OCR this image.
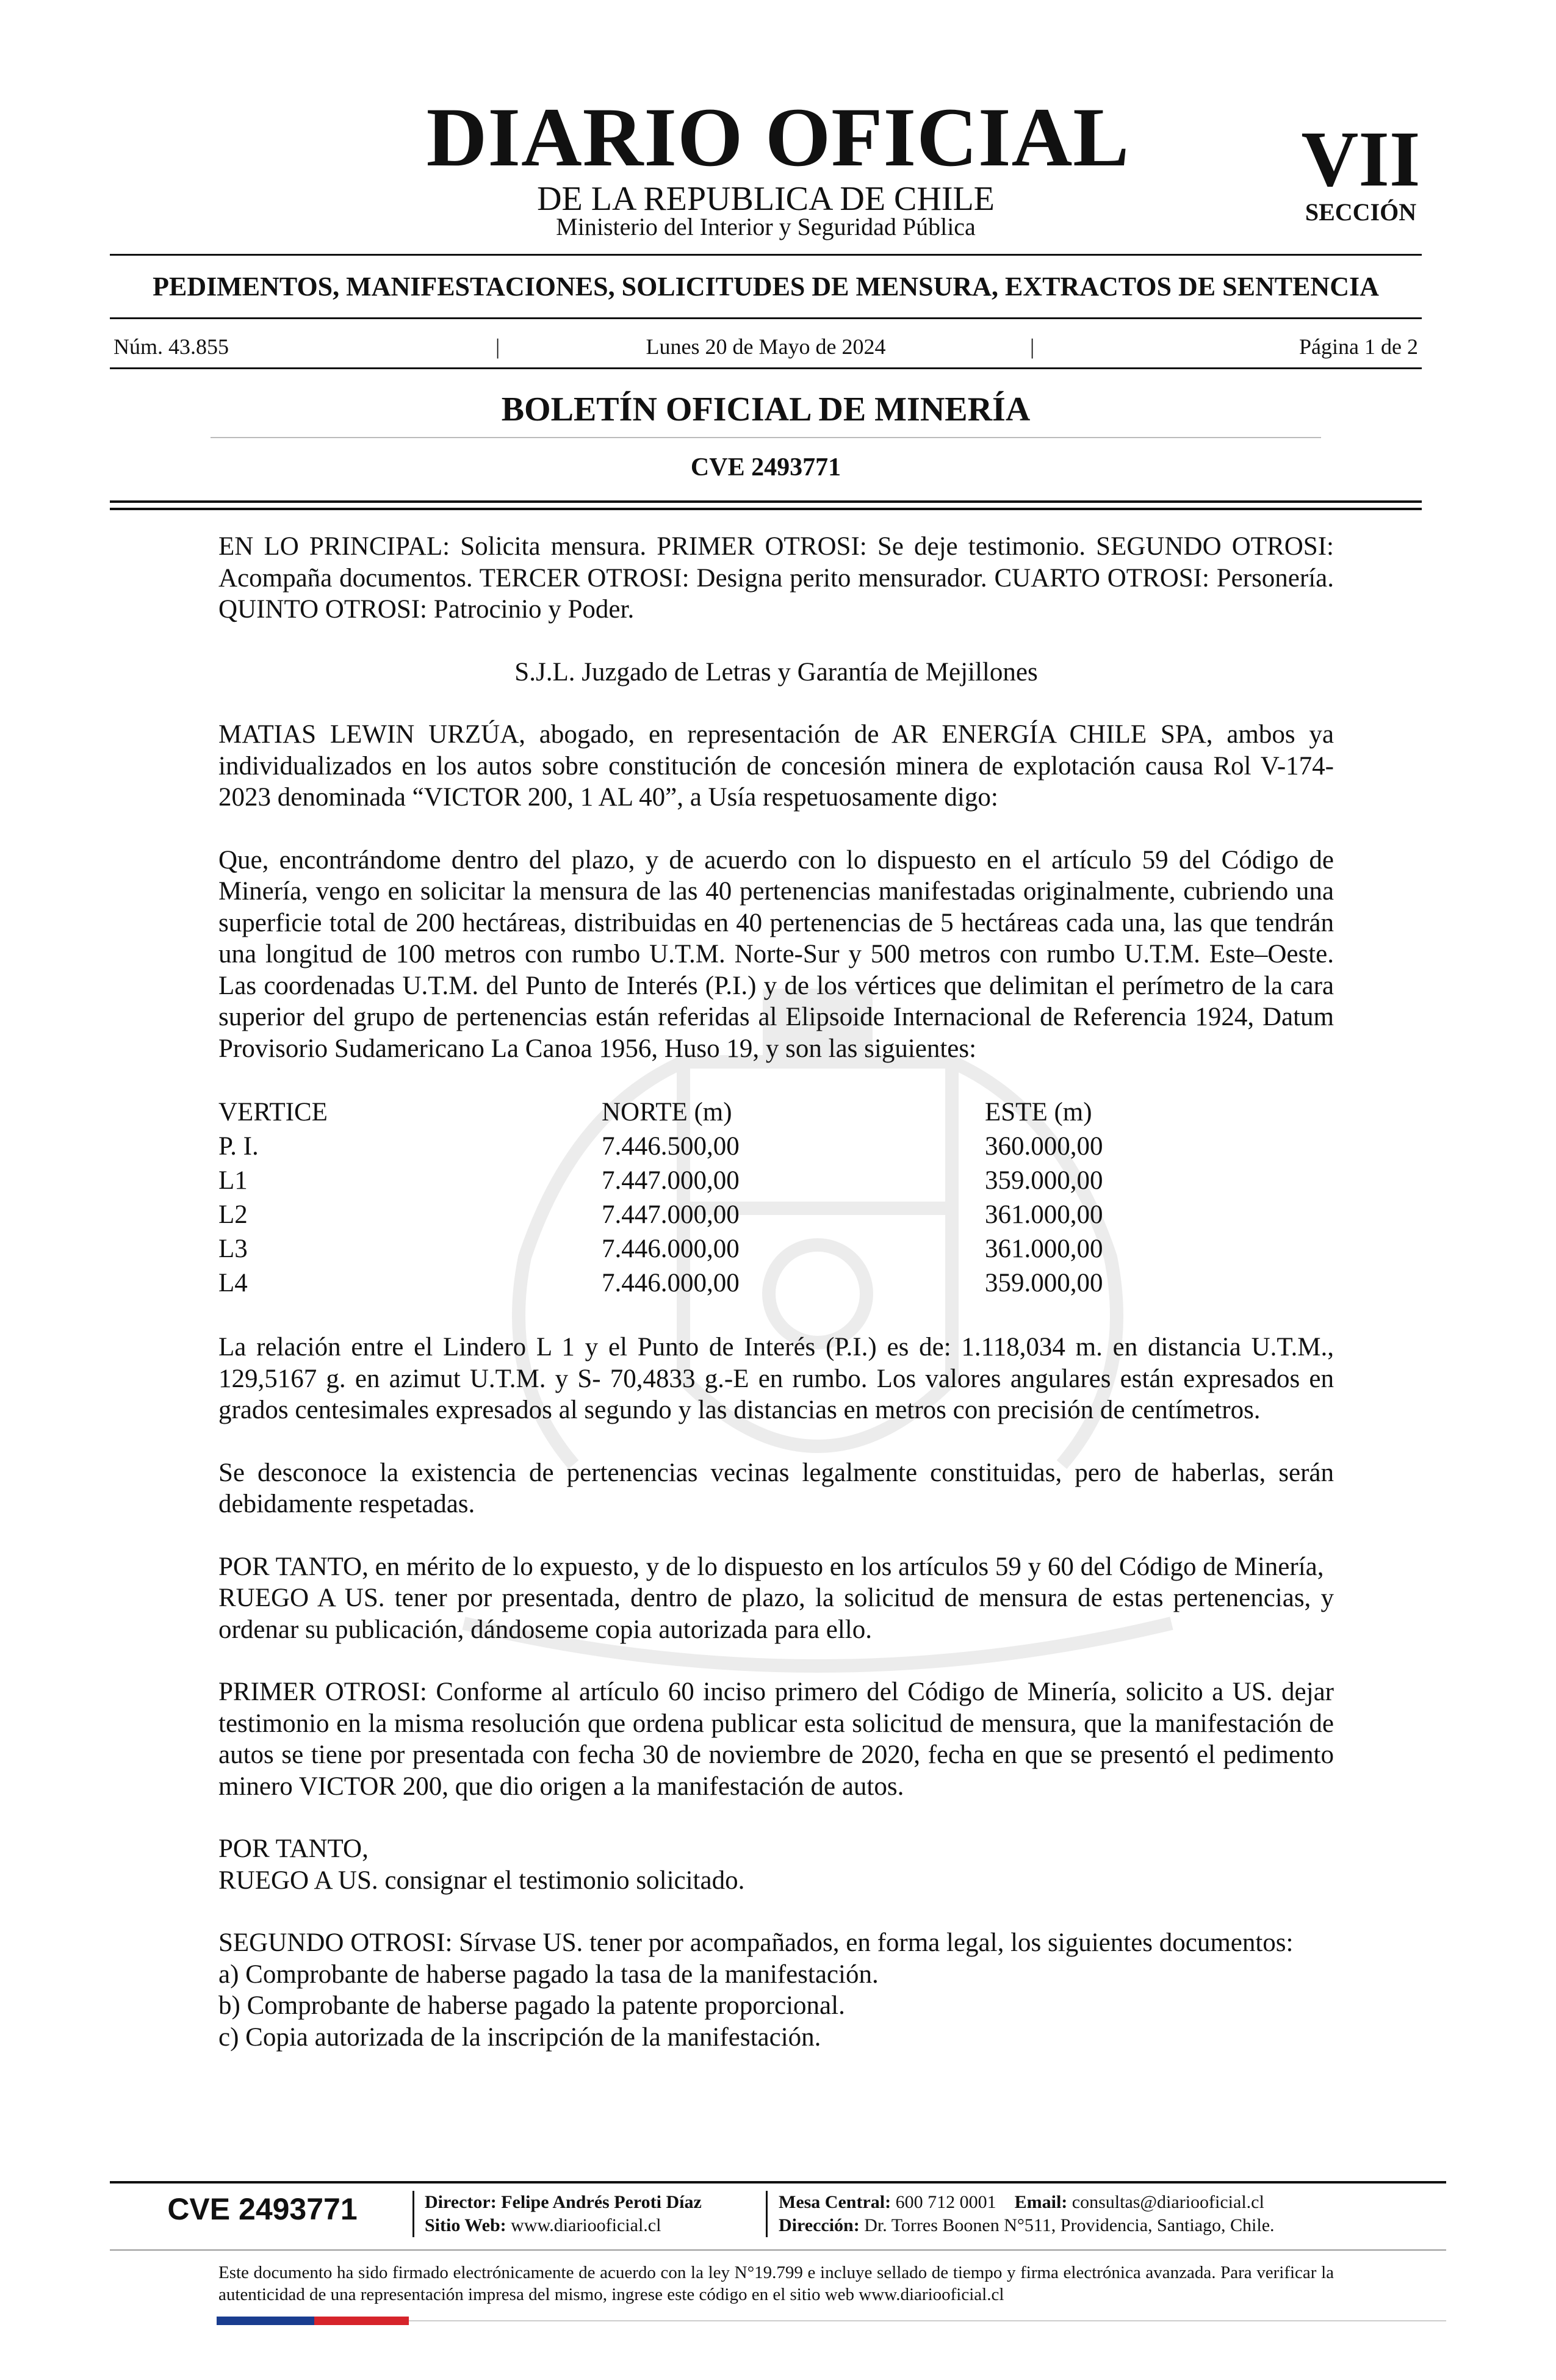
DIARIO OFICIAL
DE LA REPUBLICA DE CHILE
Ministerio del Interior y Seguridad Pública
VII
SECCIÓN
PEDIMENTOS, MANIFESTACIONES, SOLICITUDES DE MENSURA, EXTRACTOS DE SENTENCIA
Núm. 43.855	|	Lunes 20 de Mayo de 2024	|	Página 1 de 2
BOLETÍN OFICIAL DE MINERÍA
CVE 2493771

EN LO PRINCIPAL: Solicita mensura. PRIMER OTROSI: Se deje testimonio. SEGUNDO OTROSI: Acompaña documentos. TERCER OTROSI: Designa perito mensurador. CUARTO OTROSI: Personería. QUINTO OTROSI: Patrocinio y Poder.

S.J.L. Juzgado de Letras y Garantía de Mejillones

MATIAS LEWIN URZÚA, abogado, en representación de AR ENERGÍA CHILE SPA, ambos ya individualizados en los autos sobre constitución de concesión minera de explotación causa Rol V-174-2023 denominada “VICTOR 200, 1 AL 40”, a Usía respetuosamente digo:

Que, encontrándome dentro del plazo, y de acuerdo con lo dispuesto en el artículo 59 del Código de Minería, vengo en solicitar la mensura de las 40 pertenencias manifestadas originalmente, cubriendo una superficie total de 200 hectáreas, distribuidas en 40 pertenencias de 5 hectáreas cada una, las que tendrán una longitud de 100 metros con rumbo U.T.M. Norte-Sur y 500 metros con rumbo U.T.M. Este–Oeste. Las coordenadas U.T.M. del Punto de Interés (P.I.) y de los vértices que delimitan el perímetro de la cara superior del grupo de pertenencias están referidas al Elipsoide Internacional de Referencia 1924, Datum Provisorio Sudamericano La Canoa 1956, Huso 19, y son las siguientes:

VERTICE	NORTE (m)	ESTE (m)
P. I.	7.446.500,00	360.000,00
L1	7.447.000,00	359.000,00
L2	7.447.000,00	361.000,00
L3	7.446.000,00	361.000,00
L4	7.446.000,00	359.000,00

La relación entre el Lindero L 1 y el Punto de Interés (P.I.) es de: 1.118,034 m. en distancia U.T.M., 129,5167 g. en azimut U.T.M. y S- 70,4833 g.-E en rumbo. Los valores angulares están expresados en grados centesimales expresados al segundo y las distancias en metros con precisión de centímetros.

Se desconoce la existencia de pertenencias vecinas legalmente constituidas, pero de haberlas, serán debidamente respetadas.

POR TANTO, en mérito de lo expuesto, y de lo dispuesto en los artículos 59 y 60 del Código de Minería,
RUEGO A US. tener por presentada, dentro de plazo, la solicitud de mensura de estas pertenencias, y ordenar su publicación, dándoseme copia autorizada para ello.

PRIMER OTROSI: Conforme al artículo 60 inciso primero del Código de Minería, solicito a US. dejar testimonio en la misma resolución que ordena publicar esta solicitud de mensura, que la manifestación de autos se tiene por presentada con fecha 30 de noviembre de 2020, fecha en que se presentó el pedimento minero VICTOR 200, que dio origen a la manifestación de autos.

POR TANTO,
RUEGO A US. consignar el testimonio solicitado.

SEGUNDO OTROSI: Sírvase US. tener por acompañados, en forma legal, los siguientes documentos:
a) Comprobante de haberse pagado la tasa de la manifestación.
b) Comprobante de haberse pagado la patente proporcional.
c) Copia autorizada de la inscripción de la manifestación.

CVE 2493771	Director: Felipe Andrés Peroti Díaz
Sitio Web: www.diariooficial.cl
Mesa Central: 600 712 0001 Email: consultas@diariooficial.cl
Dirección: Dr. Torres Boonen N°511, Providencia, Santiago, Chile.
Este documento ha sido firmado electrónicamente de acuerdo con la ley N°19.799 e incluye sellado de tiempo y firma electrónica avanzada. Para verificar la autenticidad de una representación impresa del mismo, ingrese este código en el sitio web www.diariooficial.cl
